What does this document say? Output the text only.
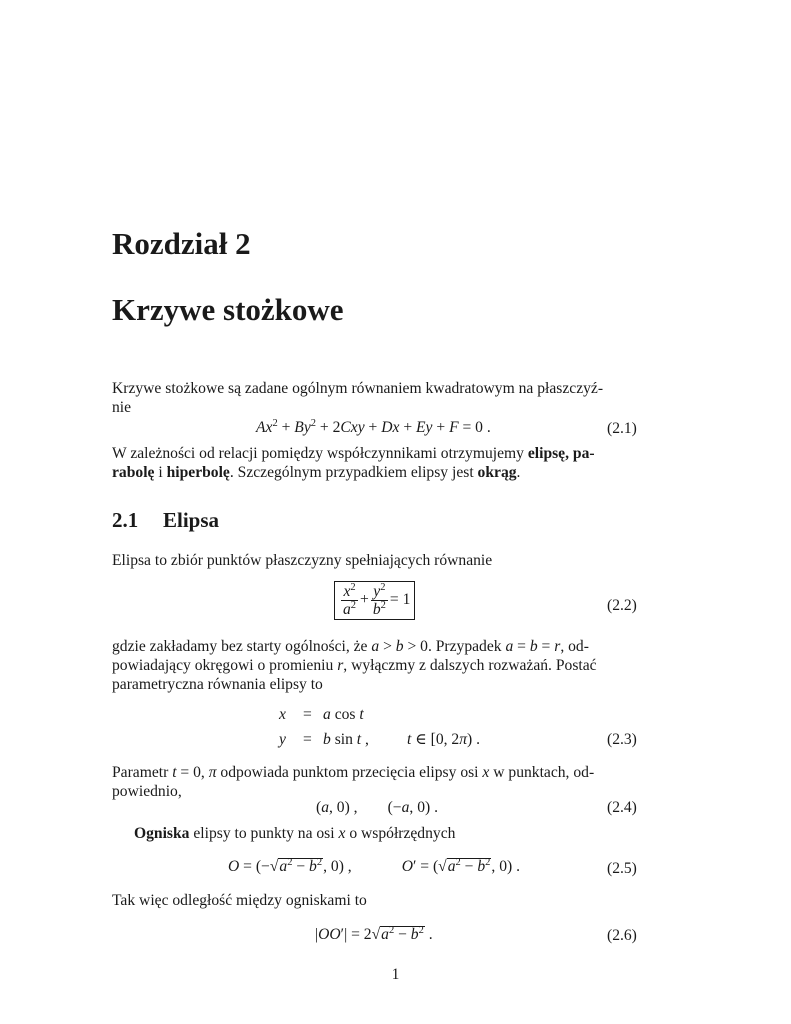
Rozdział 2
Krzywe stożkowe
Krzywe stożkowe są zadane ogólnym równaniem kwadratowym na płaszczyź-
nie
$Ax^2 + By^2 + 2Cxy + Dx + Ey + F = 0$ .	(2.1)
W zależności od relacji pomiędzy współczynnikami otrzymujemy elipsę, pa-
rabolę i hiperbolę. Szczególnym przypadkiem elipsy jest okrąg.
2.1 Elipsa
Elipsa to zbiór punktów płaszczyzny spełniających równanie
$\frac{x^2}{a^2} + \frac{y^2}{b^2} = 1$	(2.2)
gdzie zakładamy bez starty ogólności, że a > b > 0. Przypadek a = b = r, od-
powiadający okręgowi o promieniu r, wyłączmy z dalszych rozważań. Postać
parametryczna równania elipsy to
x = a cos t
y = b sin t , t ∈ [0, 2π) .	(2.3)
Parametr t = 0, π odpowiada punktom przecięcia elipsy osi x w punktach, od-
powiednio,
(a, 0) , (−a, 0) .	(2.4)
Ogniska elipsy to punkty na osi x o współrzędnych
$O = (-√a^2 - b^2$, 0) ,	$O' = (√a^2 - b^2$, 0) .	(2.5)
Tak więc odległość między ogniskami to
$|OO'| = 2√a^2 - b^2$ .	(2.6)
1
